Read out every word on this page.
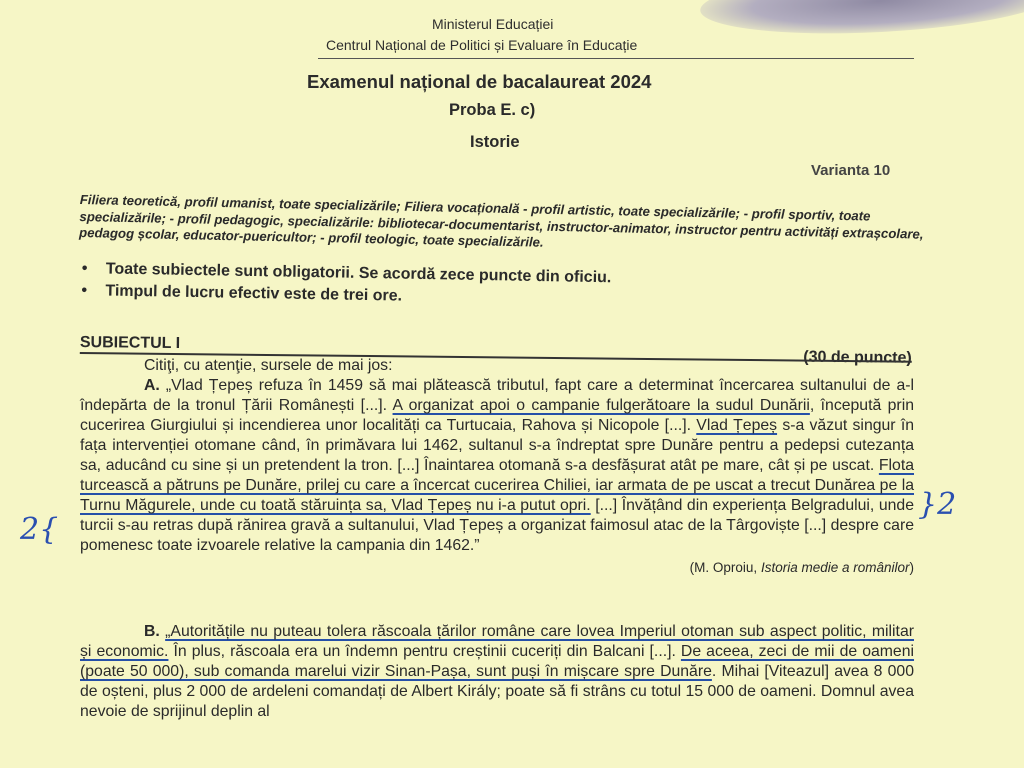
Ministerul Educației
Centrul Național de Politici și Evaluare în Educație
Examenul național de bacalaureat 2024
Proba E. c)
Istorie
Varianta 10
Filiera teoretică, profil umanist, toate specializările; Filiera vocațională - profil artistic, toate specializările; - profil sportiv, toate specializările; - profil pedagogic, specializările: bibliotecar-documentarist, instructor-animator, instructor pentru activități extrașcolare, pedagog școlar, educator-puericultor; - profil teologic, toate specializările.
• Toate subiectele sunt obligatorii. Se acordă zece puncte din oficiu.
• Timpul de lucru efectiv este de trei ore.
SUBIECTUL I
(30 de puncte)

Citiţi, cu atenţie, sursele de mai jos:

A. „Vlad Țepeș refuza în 1459 să mai plătească tributul, fapt care a determinat încercarea sultanului de a-l îndepărta de la tronul Țării Românești [...]. A organizat apoi o campanie fulgerătoare la sudul Dunării, începută prin cucerirea Giurgiului și incendierea unor localități ca Turtucaia, Rahova și Nicopole [...]. Vlad Țepeș s-a văzut singur în fața intervenției otomane când, în primăvara lui 1462, sultanul s-a îndreptat spre Dunăre pentru a pedepsi cutezanța sa, aducând cu sine și un pretendent la tron. [...] Înaintarea otomană s-a desfășurat atât pe mare, cât și pe uscat. Flota turcească a pătruns pe Dunăre, prilej cu care a încercat cucerirea Chiliei, iar armata de pe uscat a trecut Dunărea pe la Turnu Măgurele, unde cu toată stăruința sa, Vlad Țepeș nu i-a putut opri. [...] Învățând din experiența Belgradului, unde turcii s-au retras după rănirea gravă a sultanului, Vlad Țepeș a organizat faimosul atac de la Târgoviște [...] despre care pomenesc toate izvoarele relative la campania din 1462.”

(M. Oproiu, Istoria medie a românilor)

B. „Autoritățile nu puteau tolera răscoala țărilor române care lovea Imperiul otoman sub aspect politic, militar și economic. În plus, răscoala era un îndemn pentru creștinii cuceriți din Balcani [...]. De aceea, zeci de mii de oameni (poate 50 000), sub comanda marelui vizir Sinan-Pașa, sunt puși în mișcare spre Dunăre. Mihai [Viteazul] avea 8 000 de oșteni, plus 2 000 de ardeleni comandați de Albert Király; poate să fi strâns cu totul 15 000 de oameni. Domnul avea nevoie de sprijinul deplin al

2{
}2
